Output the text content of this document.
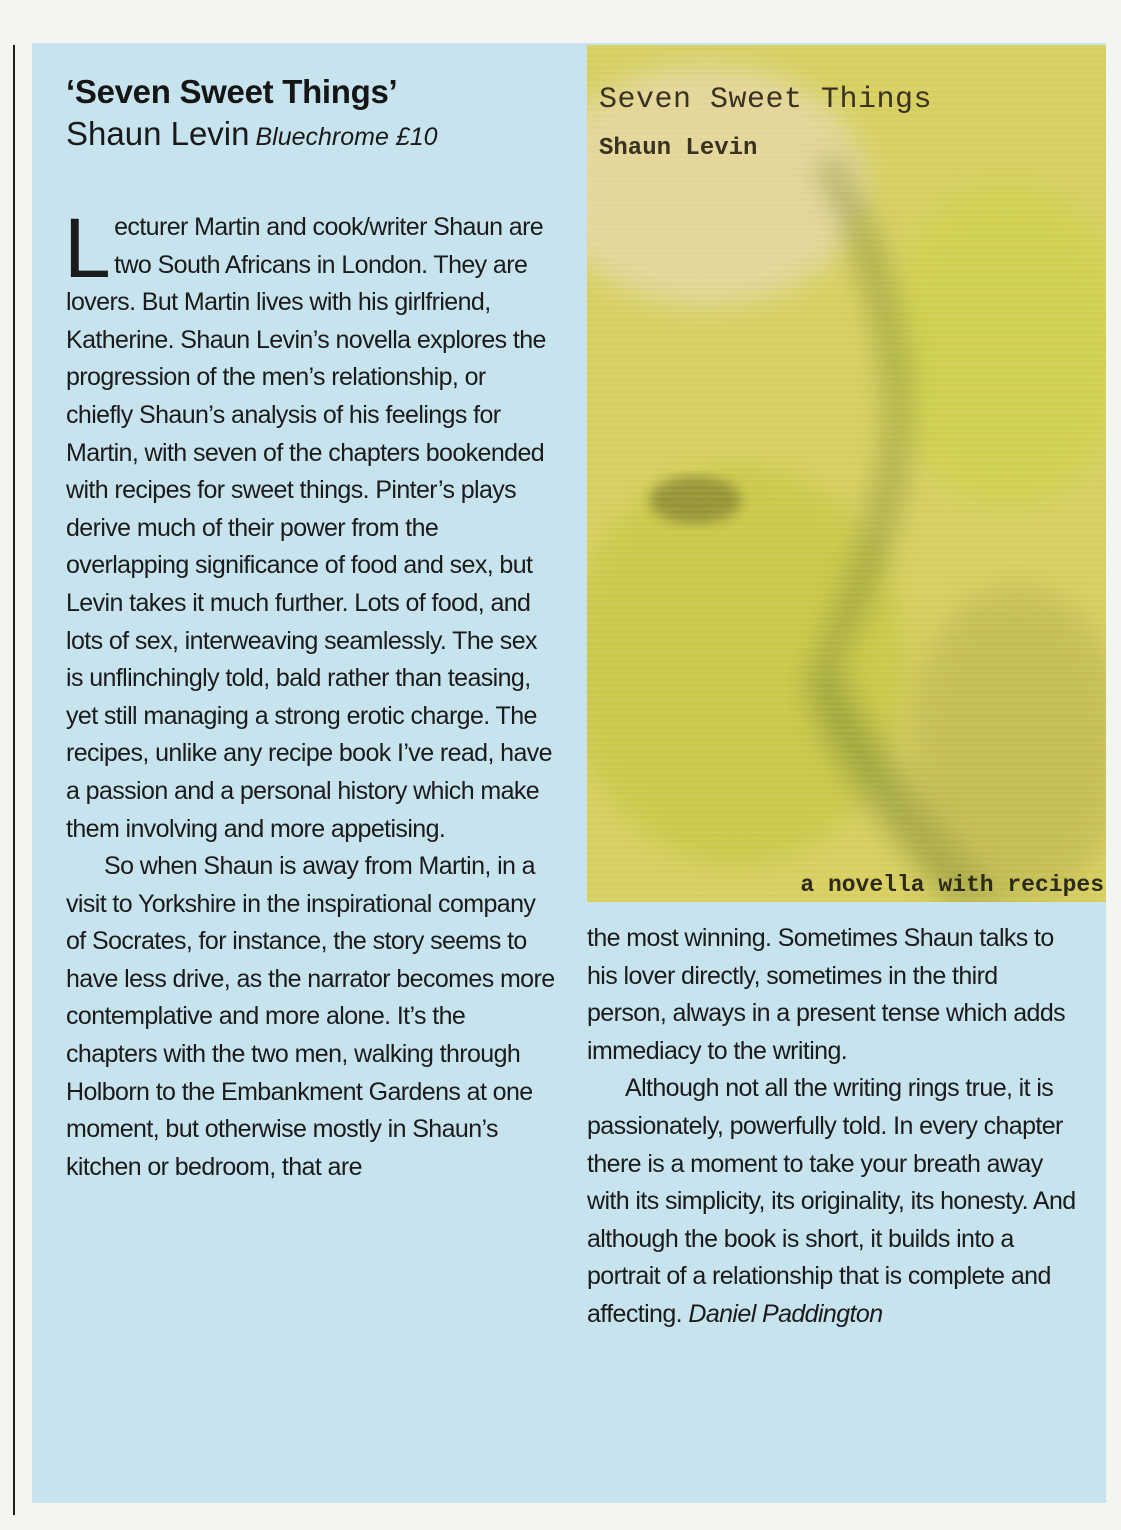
‘Seven Sweet Things’
Shaun Levin Bluechrome £10

Lecturer Martin and cook/writer Shaun are two South Africans in London. They are lovers. But Martin lives with his girlfriend, Katherine. Shaun Levin’s novella explores the progression of the men’s relationship, or chiefly Shaun’s analysis of his feelings for Martin, with seven of the chapters bookended with recipes for sweet things. Pinter’s plays derive much of their power from the overlapping significance of food and sex, but Levin takes it much further. Lots of food, and lots of sex, interweaving seamlessly. The sex is unflinchingly told, bald rather than teasing, yet still managing a strong erotic charge. The recipes, unlike any recipe book I’ve read, have a passion and a personal history which make them involving and more appetising.

So when Shaun is away from Martin, in a visit to Yorkshire in the inspirational company of Socrates, for instance, the story seems to have less drive, as the narrator becomes more contemplative and more alone. It’s the chapters with the two men, walking through Holborn to the Embankment Gardens at one moment, but otherwise mostly in Shaun’s kitchen or bedroom, that are

Seven Sweet Things
Shaun Levin
a novella with recipes

the most winning. Sometimes Shaun talks to his lover directly, sometimes in the third person, always in a present tense which adds immediacy to the writing.

Although not all the writing rings true, it is passionately, powerfully told. In every chapter there is a moment to take your breath away with its simplicity, its originality, its honesty. And although the book is short, it builds into a portrait of a relationship that is complete and affecting. Daniel Paddington
